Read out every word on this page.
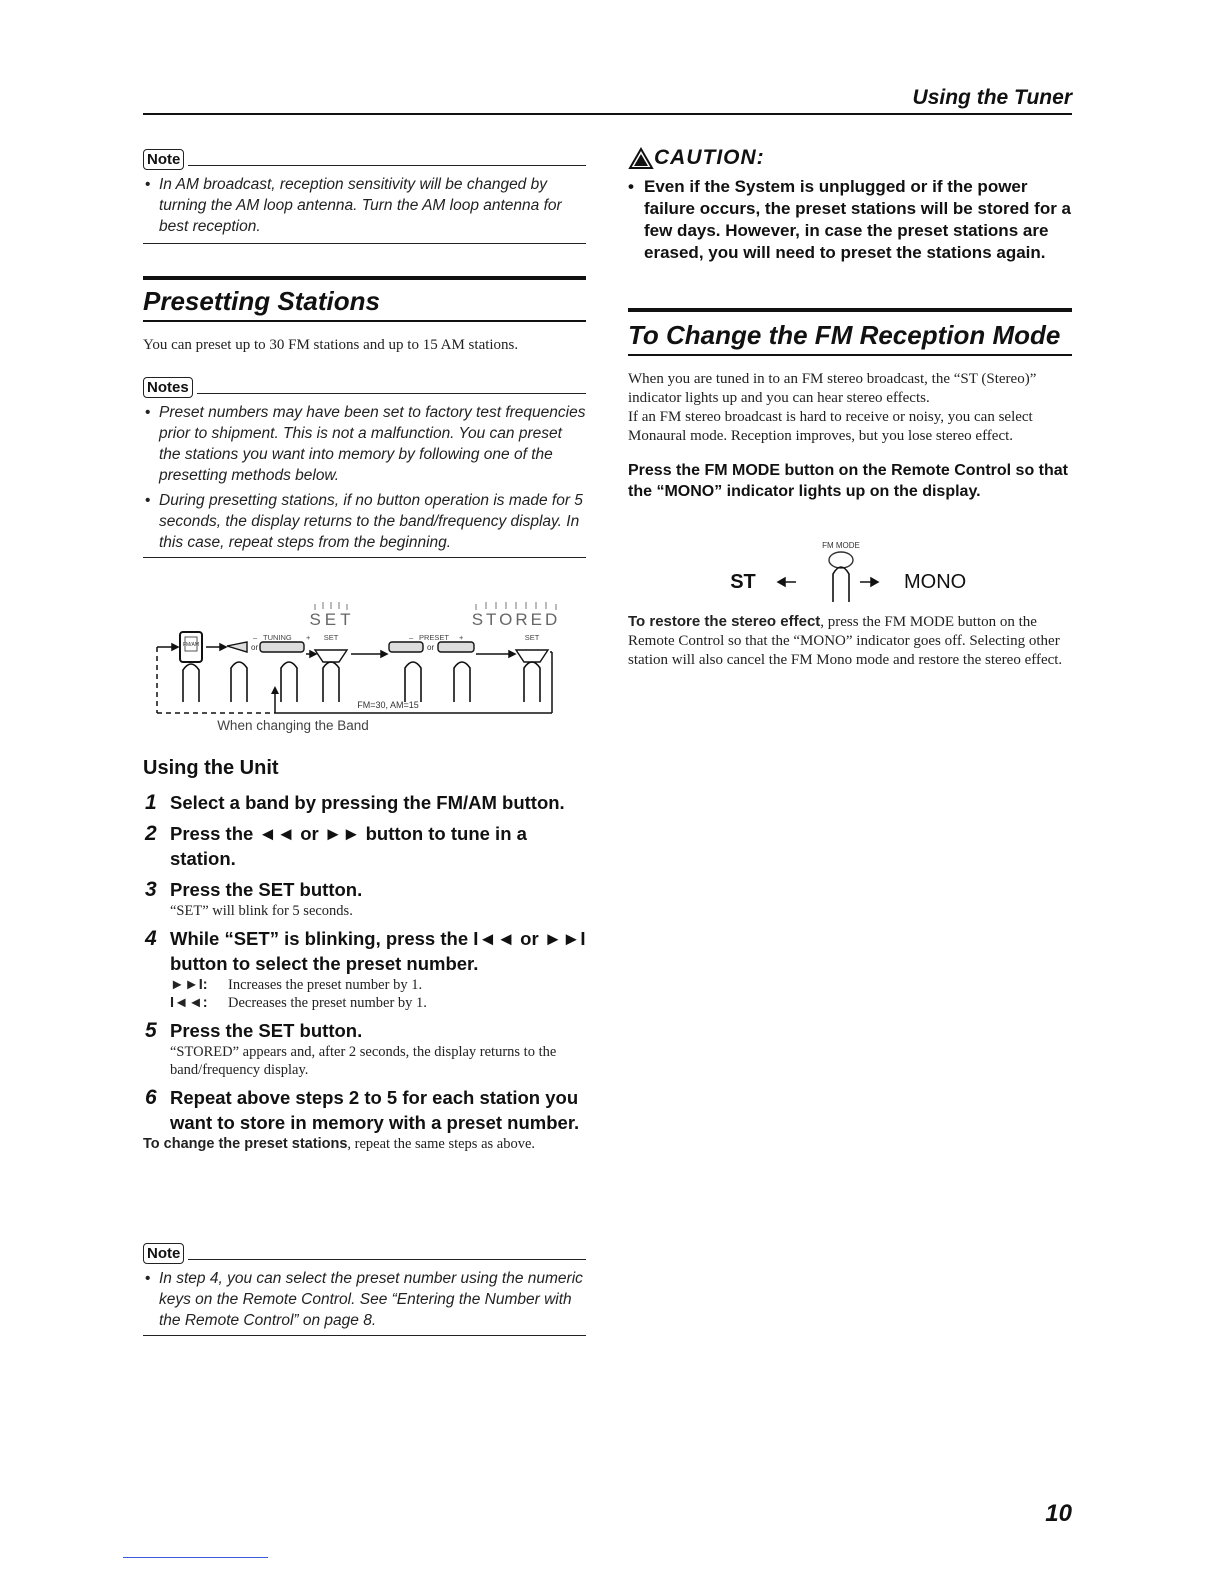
Using the Tuner
Note
• In AM broadcast, reception sensitivity will be changed by turning the AM loop antenna. Turn the AM loop antenna for best reception.
Presetting Stations

You can preset up to 30 FM stations and up to 15 AM stations.

Notes
• Preset numbers may have been set to factory test frequencies prior to shipment. This is not a malfunction. You can preset the stations you want into memory by following one of the presetting methods below.
• During presetting stations, if no button operation is made for 5 seconds, the display returns to the band/frequency display. In this case, repeat steps from the beginning.
SET	STORED
– TUNING + SET	– PRESET +	SET
FM/AM	or	or
FM=30, AM=15
When changing the Band
Using the Unit
1 Select a band by pressing the FM/AM button.

2 Press the ◄◄ or ►► button to tune in a station.

3 Press the SET button.

“SET” will blink for 5 seconds.

4 While “SET” is blinking, press the I◄◄ or ►►I button to select the preset number.

►►I:	Increases the preset number by 1.
I◄◄:	Decreases the preset number by 1.
5 Press the SET button.

“STORED” appears and, after 2 seconds, the display returns to the band/frequency display.

6 Repeat above steps 2 to 5 for each station you want to store in memory with a preset number.

To change the preset stations, repeat the same steps as above.

Note
• In step 4, you can select the preset number using the numeric keys on the Remote Control. See “Entering the Number with the Remote Control” on page 8.
CAUTION:
• Even if the System is unplugged or if the power failure occurs, the preset stations will be stored for a few days. However, in case the preset stations are erased, you will need to preset the stations again.
To Change the FM Reception Mode

When you are tuned in to an FM stereo broadcast, the “ST (Stereo)” indicator lights up and you can hear stereo effects.

If an FM stereo broadcast is hard to receive or noisy, you can select Monaural mode. Reception improves, but you lose stereo effect.

Press the FM MODE button on the Remote Control so that the “MONO” indicator lights up on the display.

FM MODE
ST	MONO

To restore the stereo effect, press the FM MODE button on the Remote Control so that the “MONO” indicator goes off. Selecting other station will also cancel the FM Mono mode and restore the stereo effect.

10
